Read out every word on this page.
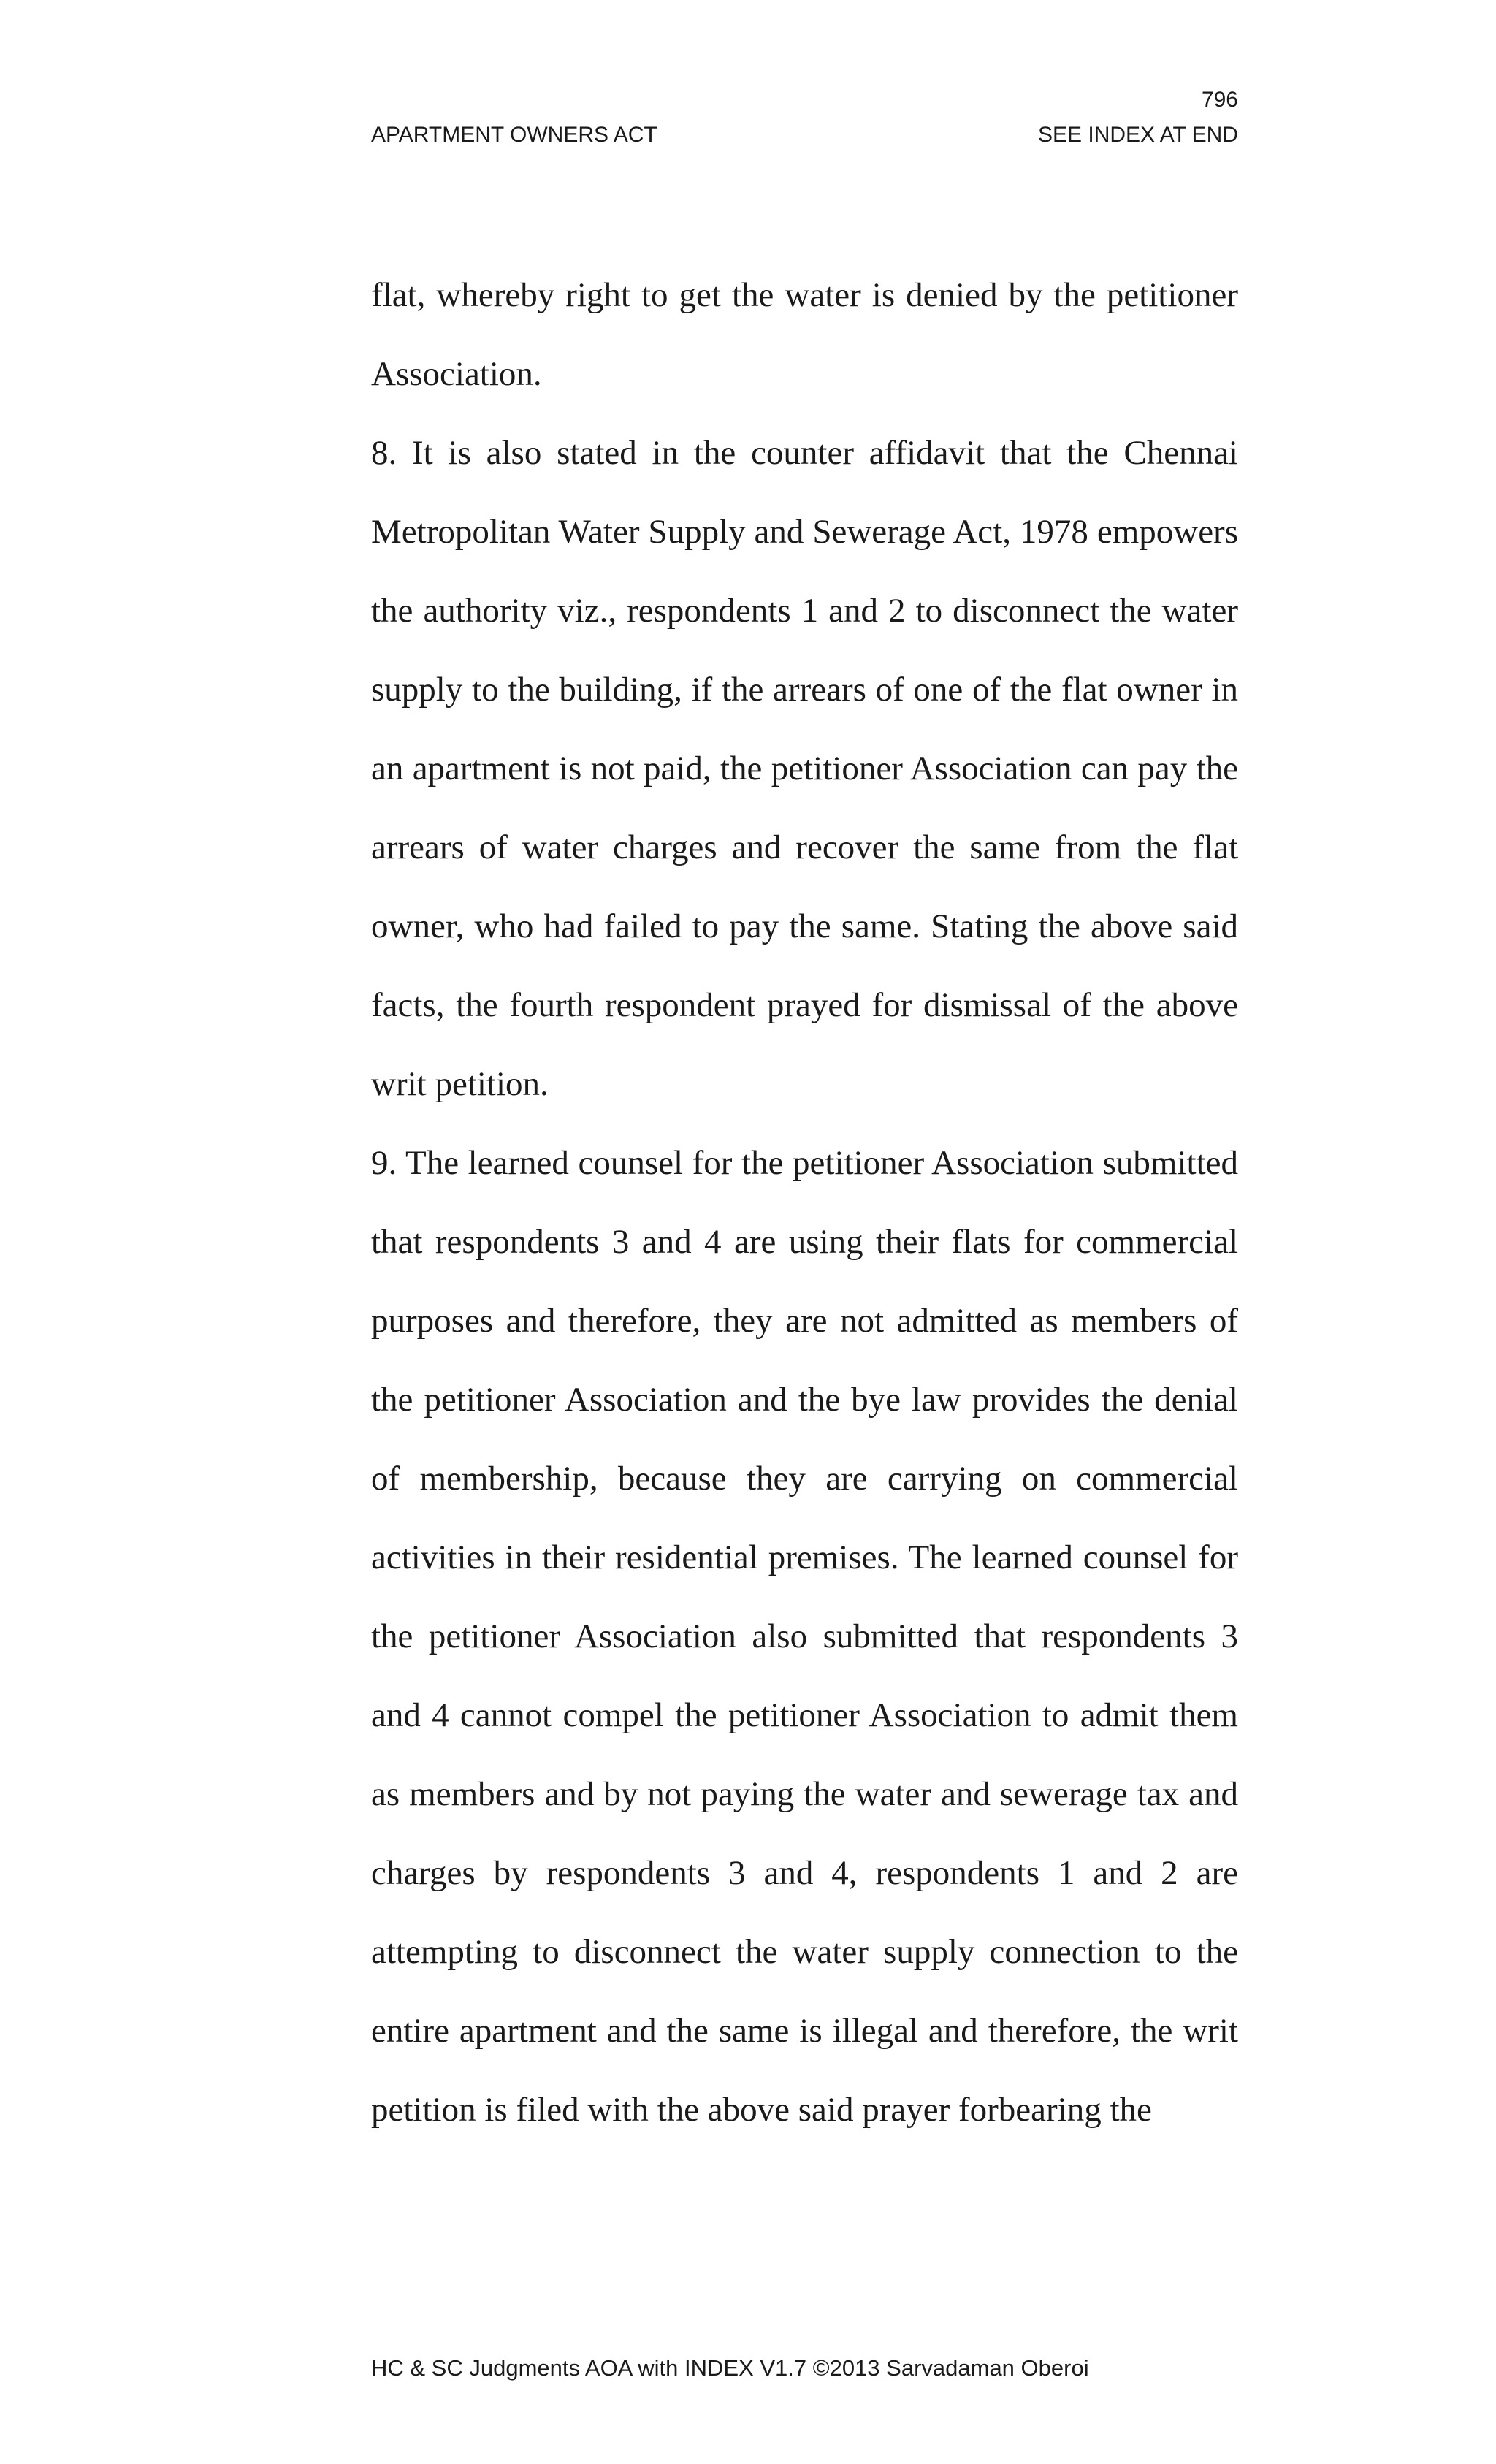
796
APARTMENT OWNERS ACT	SEE INDEX AT END

flat, whereby right to get the water is denied by the petitioner Association.

8. It is also stated in the counter affidavit that the Chennai Metropolitan Water Supply and Sewerage Act, 1978 empowers the authority viz., respondents 1 and 2 to disconnect the water supply to the building, if the arrears of one of the flat owner in an apartment is not paid, the petitioner Association can pay the arrears of water charges and recover the same from the flat owner, who had failed to pay the same. Stating the above said facts, the fourth respondent prayed for dismissal of the above writ petition.

9. The learned counsel for the petitioner Association submitted that respondents 3 and 4 are using their flats for commercial purposes and therefore, they are not admitted as members of the petitioner Association and the bye law provides the denial of membership, because they are carrying on commercial activities in their residential premises. The learned counsel for the petitioner Association also submitted that respondents 3 and 4 cannot compel the petitioner Association to admit them as members and by not paying the water and sewerage tax and charges by respondents 3 and 4, respondents 1 and 2 are attempting to disconnect the water supply connection to the entire apartment and the same is illegal and therefore, the writ petition is filed with the above said prayer forbearing the

HC & SC Judgments AOA with INDEX V1.7 ©2013 Sarvadaman Oberoi
